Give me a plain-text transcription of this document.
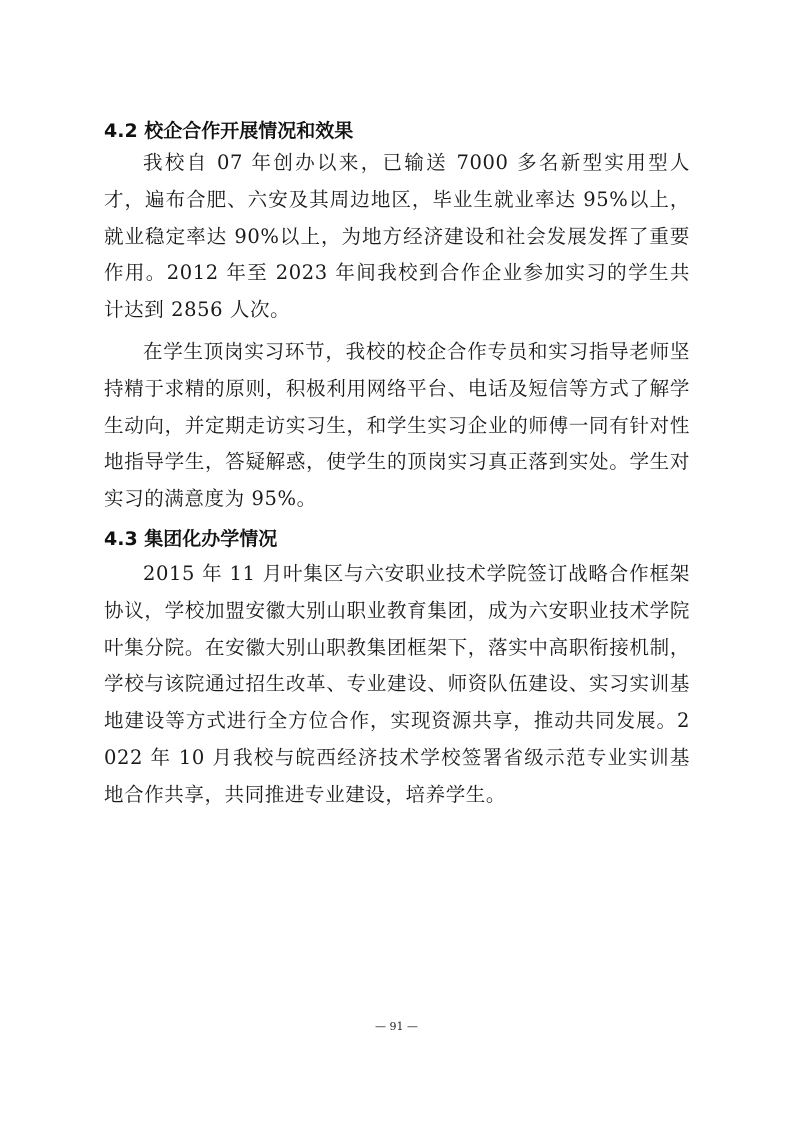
4.2 校企合作开展情况和效果

我校自 07 年创办以来，已输送 7000 多名新型实用型人才，遍布合肥、六安及其周边地区，毕业生就业率达 95%以上，就业稳定率达 90%以上，为地方经济建设和社会发展发挥了重要作用。2012 年至 2023 年间我校到合作企业参加实习的学生共计达到 2856 人次。

在学生顶岗实习环节，我校的校企合作专员和实习指导老师坚持精于求精的原则，积极利用网络平台、电话及短信等方式了解学生动向，并定期走访实习生，和学生实习企业的师傅一同有针对性地指导学生，答疑解惑，使学生的顶岗实习真正落到实处。学生对实习的满意度为 95%。

4.3 集团化办学情况

2015 年 11 月叶集区与六安职业技术学院签订战略合作框架协议，学校加盟安徽大别山职业教育集团，成为六安职业技术学院叶集分院。在安徽大别山职教集团框架下，落实中高职衔接机制，学校与该院通过招生改革、专业建设、师资队伍建设、实习实训基地建设等方式进行全方位合作，实现资源共享，推动共同发展。2022 年 10 月我校与皖西经济技术学校签署省级示范专业实训基地合作共享，共同推进专业建设，培养学生。

— 91 —
